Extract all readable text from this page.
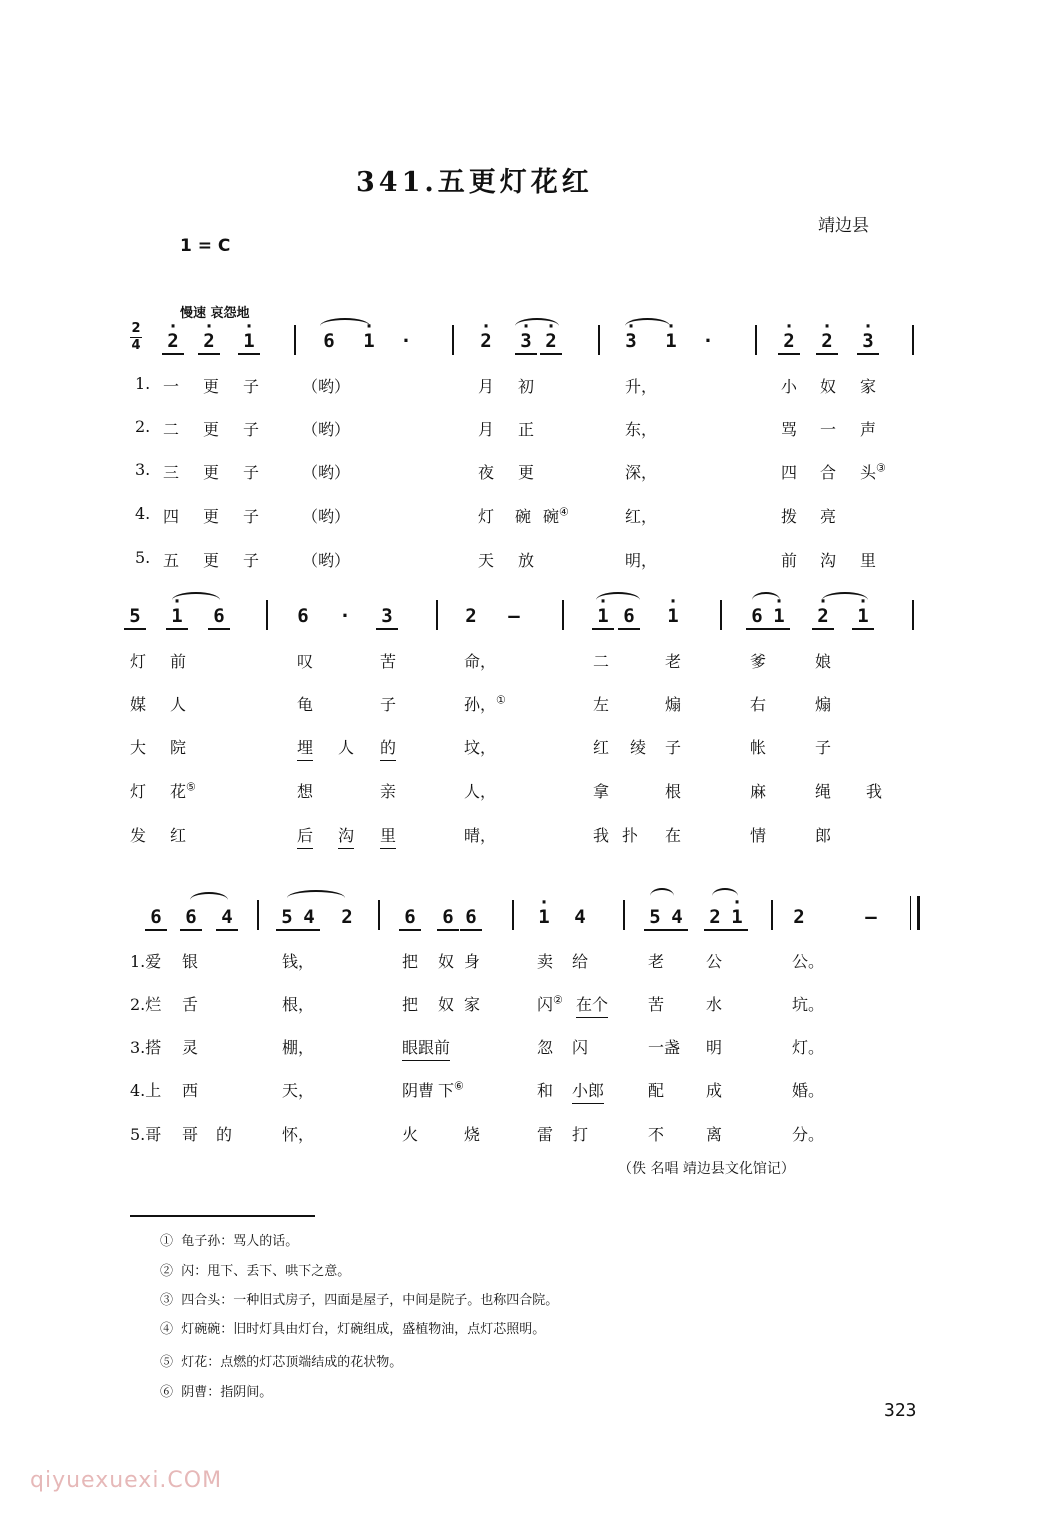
341.五更灯花红
靖边县
1 = C
慢速 哀怨地
2
4 · 2 · 2 · 1	6 · 1 ·	· 2 · 3 · 2	· 3 · 1 ·	· 2 · 2 · 3
1. 一 更 子	（哟）	月 初	升，	小 奴 家
2. 二 更 子	（哟）	月 正	东，	骂 一 声
3. 三 更 子	（哟）	夜 更	深，	四 合 头③
4. 四 更 子	（哟）	灯 碗 碗④	红，	拨 亮
5. 五 更 子	（哟）	天 放	明，	前 沟 里
5 · 1 6	6 · 3	2 –	· 1 6 · 1	6 · 1 · 2 · 1
灯 前	叹	苦	命，	二	老	爹	娘
媒 人	龟	子	孙，①	左	煽	右	煽
大 院	埋 人 的	坟，	红 绫 子	帐	子
灯 花⑤	想	亲	人，	拿	根	麻	绳 我
发 红	后 沟 里	晴，	我 扑 在	情	郎
6 6 4	5 4 2	6 6 6	· 1 4	5 4 2 · 1	2	–
1.爱 银	钱，	把 奴 身	卖 给	老	公	公。
2.烂 舌	根，	把 奴 家	闪② 在个 苦	水	坑。
3.搭 灵	棚，	眼跟前	忽 闪	一盏 明	灯。
4.上 西	天，	阴曹 下⑥	和 小郎	配	成	婚。
5.哥 哥 的	怀，	火	烧	雷 打	不	离	分。
（佚 名唱 靖边县文化馆记）
① 龟子孙：骂人的话。
② 闪：甩下、丢下、哄下之意。
③ 四合头：一种旧式房子，四面是屋子，中间是院子。也称四合院。
④ 灯碗碗：旧时灯具由灯台，灯碗组成，盛植物油，点灯芯照明。
⑤ 灯花：点燃的灯芯顶端结成的花状物。
⑥ 阴曹：指阴间。
323
qiyuexuexi.COM
